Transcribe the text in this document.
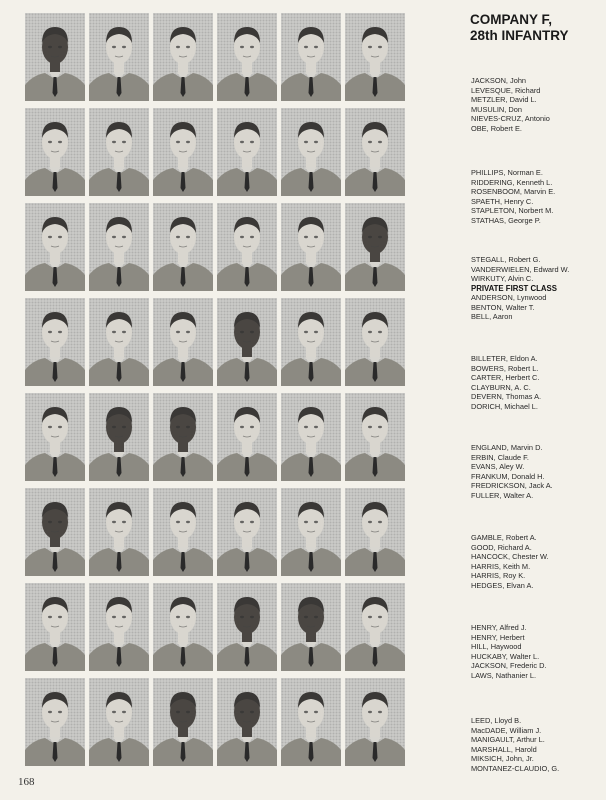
COMPANY F,
28th INFANTRY
JACKSON, John
LEVESQUE, Richard
METZLER, David L.
MUSULIN, Don
NIEVES-CRUZ, Antonio
OBE, Robert E.
PHILLIPS, Norman E.
RIDDERING, Kenneth L.
ROSENBOOM, Marvin E.
SPAETH, Henry C.
STAPLETON, Norbert M.
STATHAS, George P.
STEGALL, Robert G.
VANDERWIELEN, Edward W.
WIRKUTY, Alvin C.
PRIVATE FIRST CLASS
ANDERSON, Lynwood
BENTON, Walter T.
BELL, Aaron
BILLETER, Eldon A.
BOWERS, Robert L.
CARTER, Herbert C.
CLAYBURN, A. C.
DEVERN, Thomas A.
DORICH, Michael L.
ENGLAND, Marvin D.
ERBIN, Claude F.
EVANS, Aley W.
FRANKUM, Donald H.
FREDRICKSON, Jack A.
FULLER, Walter A.
GAMBLE, Robert A.
GOOD, Richard A.
HANCOCK, Chester W.
HARRIS, Keith M.
HARRIS, Roy K.
HEDGES, Elvan A.
HENRY, Alfred J.
HENRY, Herbert
HILL, Haywood
HUCKABY, Walter L.
JACKSON, Frederic D.
LAWS, Nathanier L.
LEED, Lloyd B.
MacDADE, William J.
MANIGAULT, Arthur L.
MARSHALL, Harold
MIKSICH, John, Jr.
MONTANEZ-CLAUDIO, G.
168
